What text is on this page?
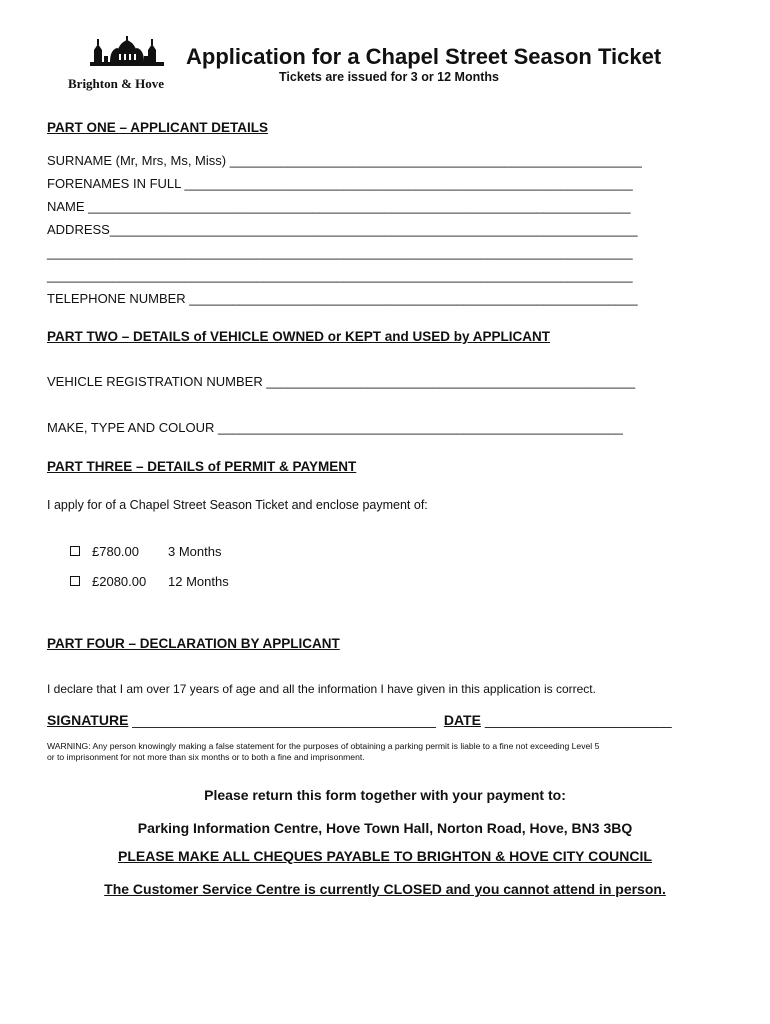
Brighton & Hove
Application for a Chapel Street Season Ticket
Tickets are issued for 3 or 12 Months
PART ONE – APPLICANT DETAILS
SURNAME (Mr, Mrs, Ms, Miss) _________________________________________________________
FORENAMES IN FULL ______________________________________________________________
NAME ___________________________________________________________________________
ADDRESS_________________________________________________________________________
_________________________________________________________________________________
_________________________________________________________________________________
TELEPHONE NUMBER ______________________________________________________________
PART TWO – DETAILS of VEHICLE OWNED or KEPT and USED by APPLICANT
VEHICLE REGISTRATION NUMBER ___________________________________________________
MAKE, TYPE AND COLOUR ________________________________________________________
PART THREE – DETAILS of PERMIT & PAYMENT
I apply for of a Chapel Street Season Ticket and enclose payment of:
£780.00 3 Months
£2080.00 12 Months
PART FOUR – DECLARATION BY APPLICANT
I declare that I am over 17 years of age and all the information I have given in this application is correct.
SIGNATURE _______________________________________ DATE ________________________
WARNING: Any person knowingly making a false statement for the purposes of obtaining a parking permit is liable to a fine not exceeding Level 5
or to imprisonment for not more than six months or to both a fine and imprisonment.
Please return this form together with your payment to:
Parking Information Centre, Hove Town Hall, Norton Road, Hove, BN3 3BQ
PLEASE MAKE ALL CHEQUES PAYABLE TO BRIGHTON & HOVE CITY COUNCIL
The Customer Service Centre is currently CLOSED and you cannot attend in person.
